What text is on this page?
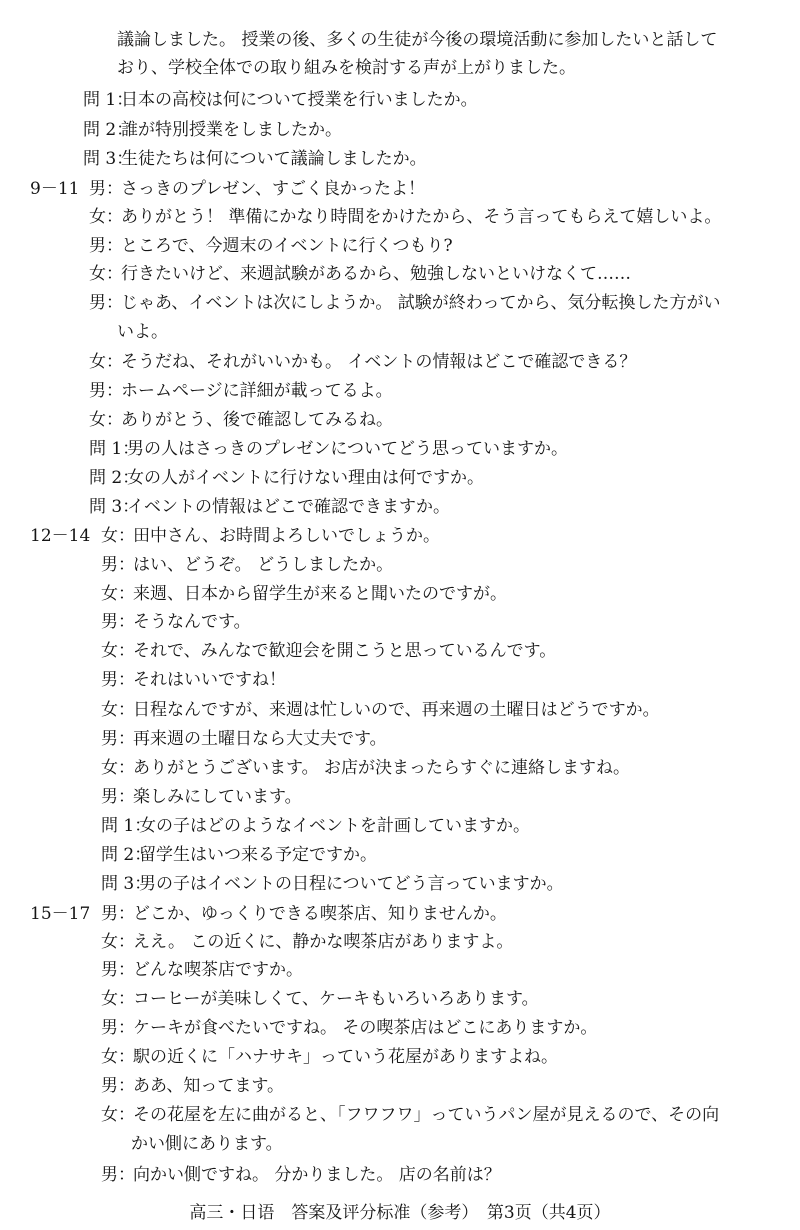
議論しました。 授業の後、多くの生徒が今後の環境活動に参加したいと話して
おり、学校全体での取り組みを検討する声が上がりました。
問 1：日本の高校は何について授業を行いましたか。
問 2：誰が特別授業をしましたか。
問 3：生徒たちは何について議論しましたか。
9－11 男：さっきのプレゼン、すごく良かったよ！
女：ありがとう！ 準備にかなり時間をかけたから、そう言ってもらえて嬉しいよ。
男：ところで、今週末のイベントに行くつもり?
女：行きたいけど、来週試験があるから、勉強しないといけなくて……
男：じゃあ、イベントは次にしようか。 試験が終わってから、気分転換した方がい
いよ。
女：そうだね、それがいいかも。 イベントの情報はどこで確認できる？
男：ホームページに詳細が載ってるよ。
女：ありがとう、後で確認してみるね。
問 1：男の人はさっきのプレゼンについてどう思っていますか。
問 2：女の人がイベントに行けない理由は何ですか。
問 3：イベントの情報はどこで確認できますか。
12－14 女：田中さん、お時間よろしいでしょうか。
男：はい、どうぞ。 どうしましたか。
女：来週、日本から留学生が来ると聞いたのですが。
男：そうなんです。
女：それで、みんなで歓迎会を開こうと思っているんです。
男：それはいいですね！
女：日程なんですが、来週は忙しいので、再来週の土曜日はどうですか。
男：再来週の土曜日なら大丈夫です。
女：ありがとうございます。 お店が決まったらすぐに連絡しますね。
男：楽しみにしています。
問 1：女の子はどのようなイベントを計画していますか。
問 2：留学生はいつ来る予定ですか。
問 3：男の子はイベントの日程についてどう言っていますか。
15－17 男：どこか、ゆっくりできる喫茶店、知りませんか。
女：ええ。 この近くに、静かな喫茶店がありますよ。
男：どんな喫茶店ですか。
女：コーヒーが美味しくて、ケーキもいろいろあります。
男：ケーキが食べたいですね。 その喫茶店はどこにありますか。
女：駅の近くに「ハナサキ」っていう花屋がありますよね。
男：ああ、知ってます。
女：その花屋を左に曲がると、「フワフワ」っていうパン屋が見えるので、その向
かい側にあります。
男：向かい側ですね。 分かりました。 店の名前は？
高三・日语　答案及评分标准（参考）　第3页（共4页）
